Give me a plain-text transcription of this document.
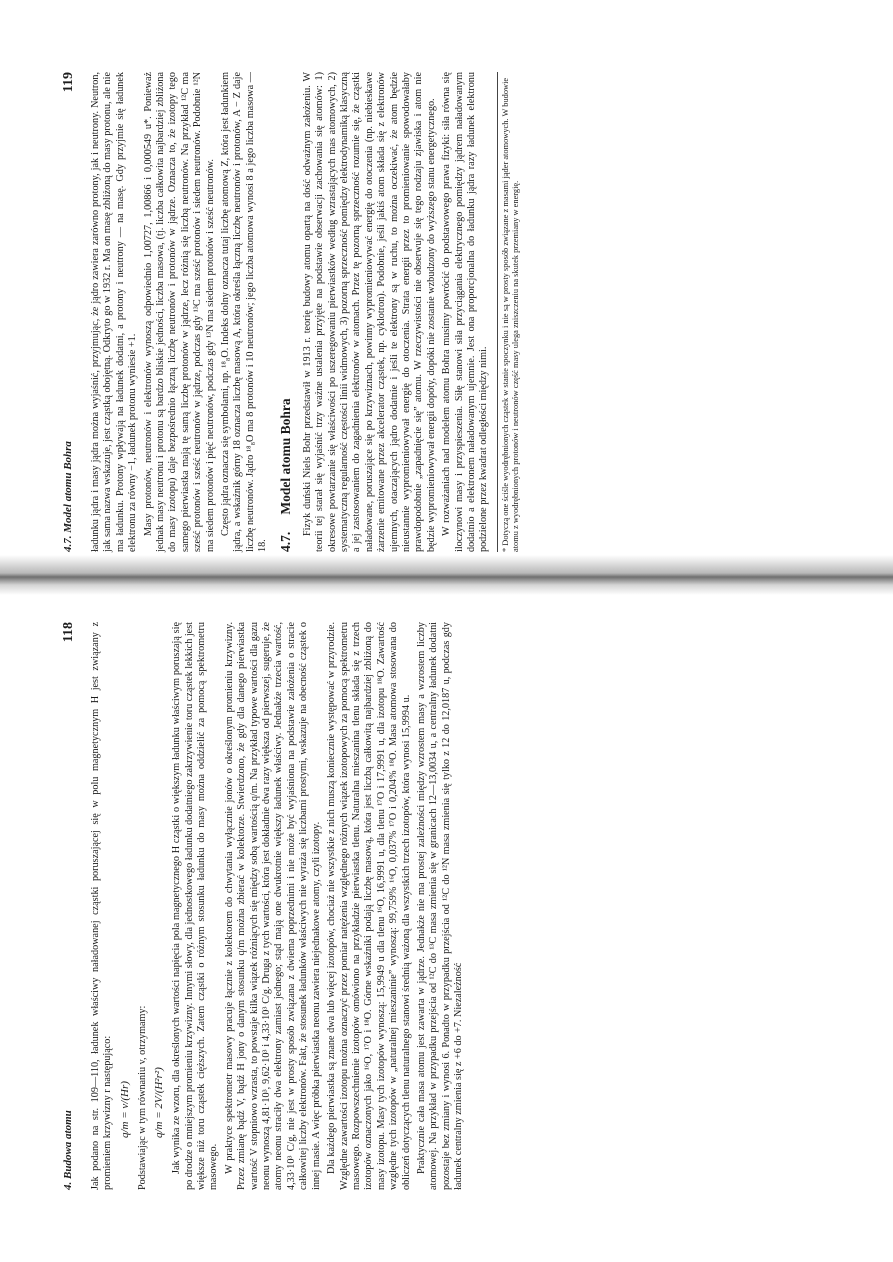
4. Budowa atomu
118 Jak podano na str. 109—110, ładunek właściwy naładowanej cząstki poruszającej się w polu magnetycznym H jest związany z promieniem krzywizny r następująco: q/m = v/(Hr) Podstawiając w tym równaniu v, otrzymamy: q/m = 2V/(H²r²) Jak wynika ze wzoru, dla określonych wartości napięcia pola magnetycznego H cząstki o większym ładunku właściwym poruszają się po drodze o mniejszym promieniu krzywizny. Innymi słowy, dla jednostkowego ładunku dodatniego zakrzywienie toru cząstek lekkich jest większe niż toru cząstek cięższych. Zatem cząstki o różnym stosunku ładunku do masy można oddzielić za pomocą spektrometru masowego. W praktyce spektrometr masowy pracuje łącznie z kolektorem do chwytania wyłącznie jonów o określonym promieniu krzywizny. Przez zmianę bądź V, bądź H jony o danym stosunku q/m można zbierać w kolektorze. Stwierdzono, że gdy dla danego pierwiastka wartość V stopniowo wzrasta, to powstaje kilka wiązek różniących się między sobą wartością q/m. Na przykład typowe wartości dla gazu neonu wynoszą 4,81·10³, 9,62·10³ i 4,33·10³ C/g. Druga z tych wartości, która jest dokładnie dwa razy większa od pierwszej, sugeruje, że atomy neonu straciły dwa elektrony zamiast jednego; stąd mają one dwukrotnie większy ładunek właściwy. Jednakże trzecia wartość, 4,33·10³ C/g, nie jest w prosty sposób związana z dwiema poprzednimi i nie może być wyjaśniona na podstawie założenia o stracie całkowitej liczby elektronów. Fakt, że stosunek ładunków właściwych nie wyraża się liczbami prostymi, wskazuje na obecność cząstek o innej masie. A więc próbka pierwiastka neonu zawiera niejednakowe atomy, czyli izotopy. Dla każdego pierwiastka są znane dwa lub więcej izotopów, chociaż nie wszystkie z nich muszą koniecznie występować w przyrodzie. Względne zawartości izotopu można oznaczyć przez pomiar natężenia względnego różnych wiązek izotopowych za pomocą spektrometru masowego. Rozpowszechnienie izotopów omówiono na przykładzie pierwiastka tlenu. Naturalna mieszanina tlenu składa się z trzech izotopów oznaczonych jako ¹⁶O, ¹⁷O i ¹⁸O. Górne wskaźniki podają liczbę masową, która jest liczbą całkowitą najbardziej zbliżoną do masy izotopu. Masy tych izotopów wynoszą: 15,9949 u dla tlenu ¹⁶O, 16,9991 u, dla tlenu ¹⁷O i 17,9991 u, dla izotopu ¹⁸O. Zawartość względne tych izotopów w „naturalnej mieszaninie” wynoszą: 99,759% ¹⁶O, 0,037% ¹⁷O i 0,204% ¹⁸O. Masa atomowa stosowana do obliczeń dotyczących tlenu naturalnego stanowi średnią ważoną dla wszystkich trzech izotopów, która wynosi 15,9994 u. Praktycznie cała masa atomu jest zawarta w jądrze. Jednakże nie ma prostej zależności między wzrostem masy a wzrostem liczby atomowej. Na przykład w przypadku przejścia od ¹²C do ¹³C masa zmienia się w granicach 12—13,0034 u, a centralny ładunek dodatni pozostaje bez zmiany i wynosi 6. Ponadto w przypadku przejścia od ¹²C do ¹²N masa zmienia się tylko z 12 do 12,0187 u, podczas gdy ładunek centralny zmienia się z +6 do +7. Niezależność

4.7. Model atomu Bohra
119 ładunku jądra i masy jądra można wyjaśnić, przyjmując, że jądro zawiera zarówno protony, jak i neutrony. Neutron, jak sama nazwa wskazuje, jest cząstką obojętną. Odkryto go w 1932 r. Ma on masę zbliżoną do masy protonu, ale nie ma ładunku. Protony wpływają na ładunek dodatni, a protony i neutrony — na masę. Gdy przyjmie się ładunek elektronu za równy −1, ładunek protonu wyniesie +1. Masy protonów, neutronów i elektronów wynoszą odpowiednio 1,00727, 1,00866 i 0,000549 u*. Ponieważ jednak masy neutronu i protonu są bardzo bliskie jedności, liczba masowa, (tj. liczba całkowita najbardziej zbliżona do masy izotopu) daje bezpośrednio łączną liczbę neutronów i protonów w jądrze. Oznacza to, że izotopy tego samego pierwiastka mają tę samą liczbę protonów w jądrze, lecz różnią się liczbą neutronów. Na przykład ¹²C ma sześć protonów i sześć neutronów w jądrze, podczas gdy ¹³C ma sześć protonów i siedem neutronów. Podobnie ¹²N ma siedem protonów i pięć neutronów, podczas gdy ¹³N ma siedem protonów i sześć neutronów. Często jądra oznacza się symbolami, np. ¹⁸₈O. Indeks dolny oznacza tutaj liczbę atomową Z, która jest ładunkiem jądra, a wskaźnik górny 18 oznacza liczbę masową A, która określa łączną liczbę neutronów i protonów, A − Z daje liczbę neutronów. Jądro ¹⁸₈O ma 8 protonów i 10 neutronów; jego liczba atomowa wynosi 8 a jego liczba masowa — 18. 4.7. Model atomu Bohra Fizyk duński Niels Bohr przedstawił w 1913 r. teorię budowy atomu opartą na dość odważnym założeniu. W teorii tej starał się wyjaśnić trzy ważne ustalenia przyjęte na podstawie obserwacji zachowania się atomów: 1) okresowe powtarzanie się właściwości po uszeregowaniu pierwiastków według wzrastających mas atomowych, 2) systematyczną regularność częstości linii widmowych, 3) pozorną sprzeczność pomiędzy elektrodynamiką klasyczną a jej zastosowaniem do zagadnienia elektronów w atomach. Przez tę pozorną sprzeczność rozumie się, że cząstki naładowane, poruszające się po krzywiznach, powinny wypromieniowywać energię do otoczenia (np. niebieskawe żarzenie emitowane przez akcelerator cząstek, np. cyklotron). Podobnie, jeśli jakiś atom składa się z elektronów ujemnych, otaczających jądro dodatnie i jeśli te elektrony są w ruchu, to można oczekiwać, że atom będzie nieustannie wypromieniowywał energię do otoczenia. Strata energii przez to promieniowanie spowodowałaby prawdopodobnie „zapadnięcie się” atomu. W rzeczywistości nie obserwuje się tego rodzaju zjawiska i atom nie będzie wypromieniowywał energii dopóty, dopóki nie zostanie wzbudzony do wyższego stanu energetycznego. W rozważaniach nad modelem atomu Bohra musimy powrócić do podstawowego prawa fizyki: siła równa się iloczynowi masy i przyspieszenia. Siłę stanowi siła przyciągania elektrycznego pomiędzy jądrem naładowanym dodatnio a elektronem naładowanym ujemnie. Jest ona proporcjonalna do ładunku jądra razy ładunek elektronu podzielone przez kwadrat odległości między nimi.	* Dotyczą one ściśle wyodrębnionych cząstek w stanie spoczynku i nie są w prosty sposób związane z masami jąder atomowych. W budowie atomu z wyodrębnionych protonów i neutronów część masy ulega zniszczeniu na skutek przemiany w energię.
